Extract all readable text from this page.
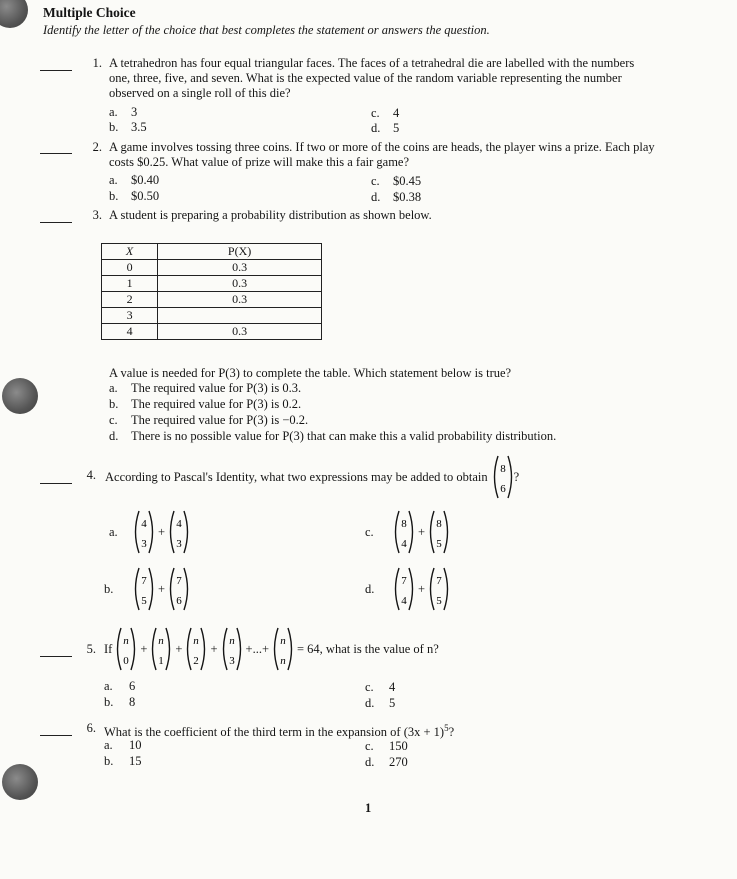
Multiple Choice
Identify the letter of the choice that best completes the statement or answers the question.
1. A tetrahedron has four equal triangular faces. The faces of a tetrahedral die are labelled with the numbers
one, three, five, and seven. What is the expected value of the random variable representing the number
observed on a single roll of this die?
a. 3
b. 3.5
c. 4
d. 5
2. A game involves tossing three coins. If two or more of the coins are heads, the player wins a prize. Each play
costs $0.25. What value of prize will make this a fair game?
a. $0.40
b. $0.50
c. $0.45
d. $0.38
3. A student is preparing a probability distribution as shown below.
X	P(X)
0	0.3
1	0.3
2	0.3
3	
4	0.3
A value is needed for P(3) to complete the table. Which statement below is true?
a. The required value for P(3) is 0.3.
b. The required value for P(3) is 0.2.
c. The required value for P(3) is −0.2.
d. There is no possible value for P(3) that can make this a valid probability distribution.
4. According to Pascal's Identity, what two expressions may be added to obtain
8
6
?
a.
4
3
+
4
3
b.
7
5
+
7
6
c.
8
4
+
8
5
d.
7
4
+
7
5
5. If
n
0
+
n
1
+
n
2
+
n
3
+...+
n
n
= 64, what is the value of n?
a. 6
b. 8
c. 4
d. 5
6. What is the coefficient of the third term in the expansion of $(3x + 1)^5$?
a. 10
b. 15
c. 150
d. 270
1
